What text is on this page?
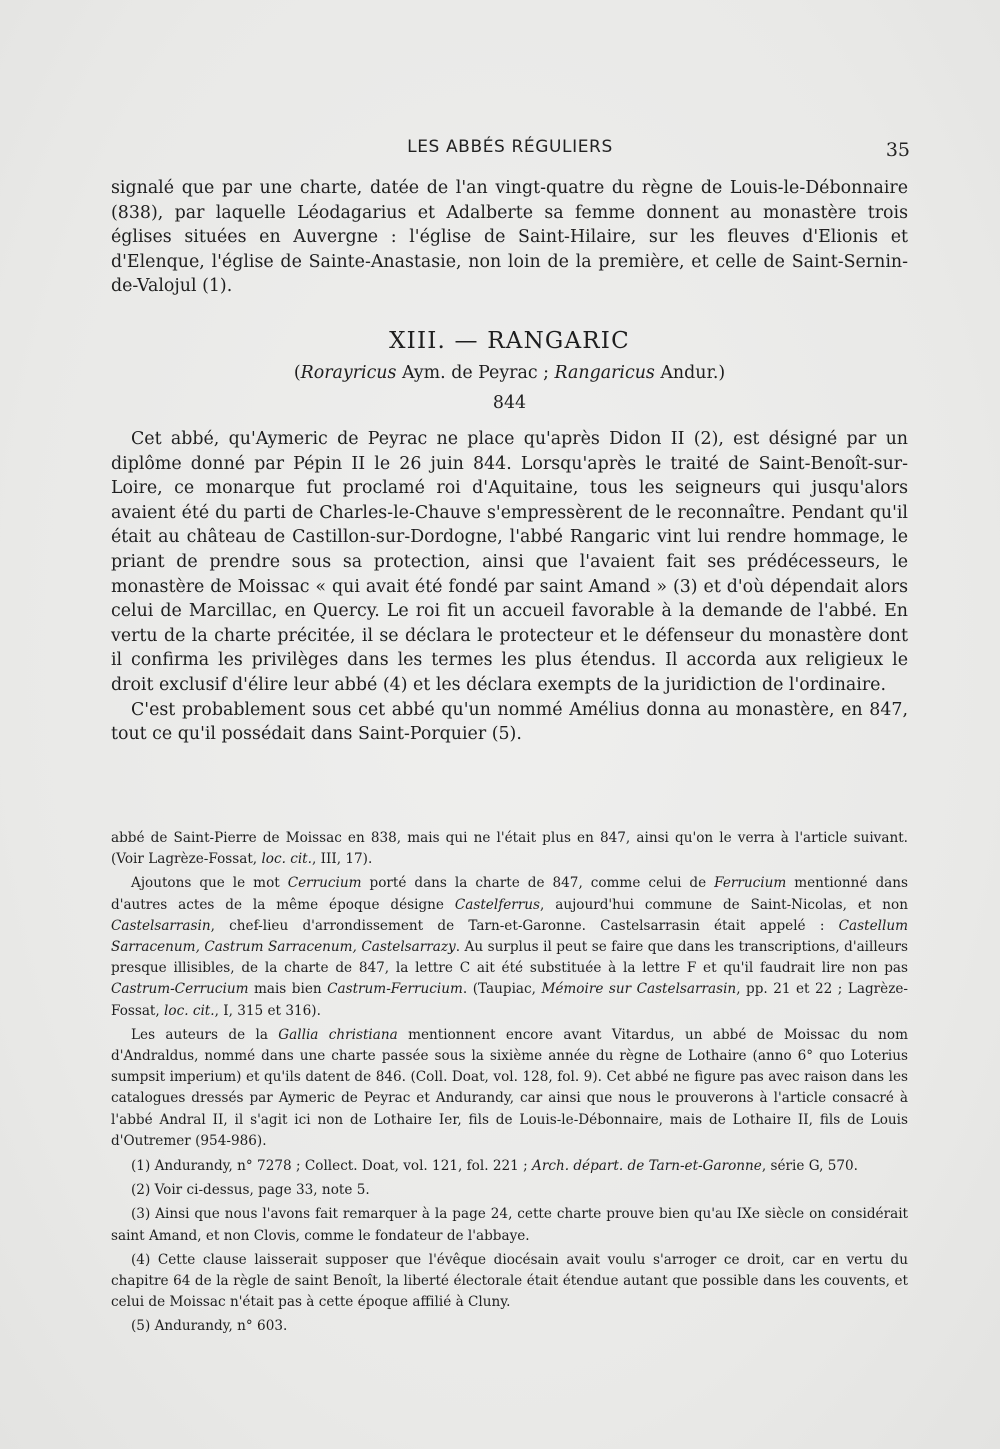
LES ABBÉS RÉGULIERS	35

signalé que par une charte, datée de l'an vingt-quatre du règne de Louis-le-Débonnaire (838), par laquelle Léodagarius et Adalberte sa femme donnent au monastère trois églises situées en Auvergne : l'église de Saint-Hilaire, sur les fleuves d'Elionis et d'Elenque, l'église de Sainte-Anastasie, non loin de la première, et celle de Saint-Sernin-de-Valojul (1).

XIII. — RANGARIC

(Rorayricus Aym. de Peyrac ; Rangaricus Andur.)

844

Cet abbé, qu'Aymeric de Peyrac ne place qu'après Didon II (2), est désigné par un diplôme donné par Pépin II le 26 juin 844. Lorsqu'après le traité de Saint-Benoît-sur-Loire, ce monarque fut proclamé roi d'Aquitaine, tous les seigneurs qui jusqu'alors avaient été du parti de Charles-le-Chauve s'empressèrent de le reconnaître. Pendant qu'il était au château de Castillon-sur-Dordogne, l'abbé Rangaric vint lui rendre hommage, le priant de prendre sous sa protection, ainsi que l'avaient fait ses prédécesseurs, le monastère de Moissac « qui avait été fondé par saint Amand » (3) et d'où dépendait alors celui de Marcillac, en Quercy. Le roi fit un accueil favorable à la demande de l'abbé. En vertu de la charte précitée, il se déclara le protecteur et le défenseur du monastère dont il confirma les privilèges dans les termes les plus étendus. Il accorda aux religieux le droit exclusif d'élire leur abbé (4) et les déclara exempts de la juridiction de l'ordinaire.

C'est probablement sous cet abbé qu'un nommé Amélius donna au monastère, en 847, tout ce qu'il possédait dans Saint-Porquier (5).

abbé de Saint-Pierre de Moissac en 838, mais qui ne l'était plus en 847, ainsi qu'on le verra à l'article suivant. (Voir Lagrèze-Fossat, loc. cit., III, 17).

Ajoutons que le mot Cerrucium porté dans la charte de 847, comme celui de Ferrucium mentionné dans d'autres actes de la même époque désigne Castelferrus, aujourd'hui commune de Saint-Nicolas, et non Castelsarrasin, chef-lieu d'arrondissement de Tarn-et-Garonne. Castelsarrasin était appelé : Castellum Sarracenum, Castrum Sarracenum, Castelsarrazy. Au surplus il peut se faire que dans les transcriptions, d'ailleurs presque illisibles, de la charte de 847, la lettre C ait été substituée à la lettre F et qu'il faudrait lire non pas Castrum-Cerrucium mais bien Castrum-Ferrucium. (Taupiac, Mémoire sur Castelsarrasin, pp. 21 et 22 ; Lagrèze-Fossat, loc. cit., I, 315 et 316).

Les auteurs de la Gallia christiana mentionnent encore avant Vitardus, un abbé de Moissac du nom d'Andraldus, nommé dans une charte passée sous la sixième année du règne de Lothaire (anno 6° quo Loterius sumpsit imperium) et qu'ils datent de 846. (Coll. Doat, vol. 128, fol. 9). Cet abbé ne figure pas avec raison dans les catalogues dressés par Aymeric de Peyrac et Andurandy, car ainsi que nous le prouverons à l'article consacré à l'abbé Andral II, il s'agit ici non de Lothaire Ier, fils de Louis-le-Débonnaire, mais de Lothaire II, fils de Louis d'Outremer (954-986).

(1) Andurandy, n° 7278 ; Collect. Doat, vol. 121, fol. 221 ; Arch. départ. de Tarn-et-Garonne, série G, 570.

(2) Voir ci-dessus, page 33, note 5.

(3) Ainsi que nous l'avons fait remarquer à la page 24, cette charte prouve bien qu'au IXe siècle on considérait saint Amand, et non Clovis, comme le fondateur de l'abbaye.

(4) Cette clause laisserait supposer que l'évêque diocésain avait voulu s'arroger ce droit, car en vertu du chapitre 64 de la règle de saint Benoît, la liberté électorale était étendue autant que possible dans les couvents, et celui de Moissac n'était pas à cette époque affilié à Cluny.

(5) Andurandy, n° 603.
